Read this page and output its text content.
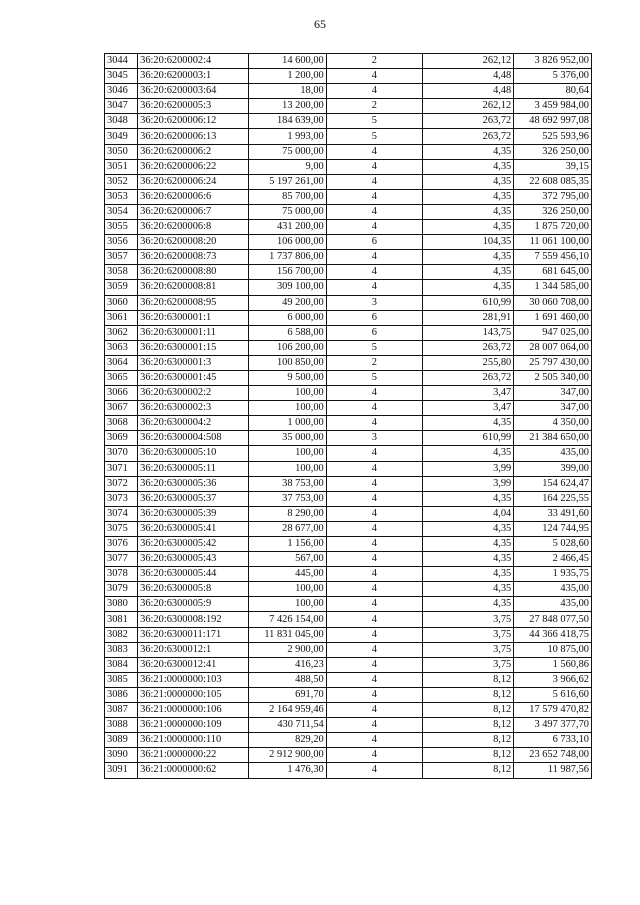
65
3044	36:20:6200002:4	14 600,00	2	262,12	3 826 952,00
3045	36:20:6200003:1	1 200,00	4	4,48	5 376,00
3046	36:20:6200003:64	18,00	4	4,48	80,64
3047	36:20:6200005:3	13 200,00	2	262,12	3 459 984,00
3048	36:20:6200006:12	184 639,00	5	263,72	48 692 997,08
3049	36:20:6200006:13	1 993,00	5	263,72	525 593,96
3050	36:20:6200006:2	75 000,00	4	4,35	326 250,00
3051	36:20:6200006:22	9,00	4	4,35	39,15
3052	36:20:6200006:24	5 197 261,00	4	4,35	22 608 085,35
3053	36:20:6200006:6	85 700,00	4	4,35	372 795,00
3054	36:20:6200006:7	75 000,00	4	4,35	326 250,00
3055	36:20:6200006:8	431 200,00	4	4,35	1 875 720,00
3056	36:20:6200008:20	106 000,00	6	104,35	11 061 100,00
3057	36:20:6200008:73	1 737 806,00	4	4,35	7 559 456,10
3058	36:20:6200008:80	156 700,00	4	4,35	681 645,00
3059	36:20:6200008:81	309 100,00	4	4,35	1 344 585,00
3060	36:20:6200008:95	49 200,00	3	610,99	30 060 708,00
3061	36:20:6300001:1	6 000,00	6	281,91	1 691 460,00
3062	36:20:6300001:11	6 588,00	6	143,75	947 025,00
3063	36:20:6300001:15	106 200,00	5	263,72	28 007 064,00
3064	36:20:6300001:3	100 850,00	2	255,80	25 797 430,00
3065	36:20:6300001:45	9 500,00	5	263,72	2 505 340,00
3066	36:20:6300002:2	100,00	4	3,47	347,00
3067	36:20:6300002:3	100,00	4	3,47	347,00
3068	36:20:6300004:2	1 000,00	4	4,35	4 350,00
3069	36:20:6300004:508	35 000,00	3	610,99	21 384 650,00
3070	36:20:6300005:10	100,00	4	4,35	435,00
3071	36:20:6300005:11	100,00	4	3,99	399,00
3072	36:20:6300005:36	38 753,00	4	3,99	154 624,47
3073	36:20:6300005:37	37 753,00	4	4,35	164 225,55
3074	36:20:6300005:39	8 290,00	4	4,04	33 491,60
3075	36:20:6300005:41	28 677,00	4	4,35	124 744,95
3076	36:20:6300005:42	1 156,00	4	4,35	5 028,60
3077	36:20:6300005:43	567,00	4	4,35	2 466,45
3078	36:20:6300005:44	445,00	4	4,35	1 935,75
3079	36:20:6300005:8	100,00	4	4,35	435,00
3080	36:20:6300005:9	100,00	4	4,35	435,00
3081	36:20:6300008:192	7 426 154,00	4	3,75	27 848 077,50
3082	36:20:6300011:171	11 831 045,00	4	3,75	44 366 418,75
3083	36:20:6300012:1	2 900,00	4	3,75	10 875,00
3084	36:20:6300012:41	416,23	4	3,75	1 560,86
3085	36:21:0000000:103	488,50	4	8,12	3 966,62
3086	36:21:0000000:105	691,70	4	8,12	5 616,60
3087	36:21:0000000:106	2 164 959,46	4	8,12	17 579 470,82
3088	36:21:0000000:109	430 711,54	4	8,12	3 497 377,70
3089	36:21:0000000:110	829,20	4	8,12	6 733,10
3090	36:21:0000000:22	2 912 900,00	4	8,12	23 652 748,00
3091	36:21:0000000:62	1 476,30	4	8,12	11 987,56
